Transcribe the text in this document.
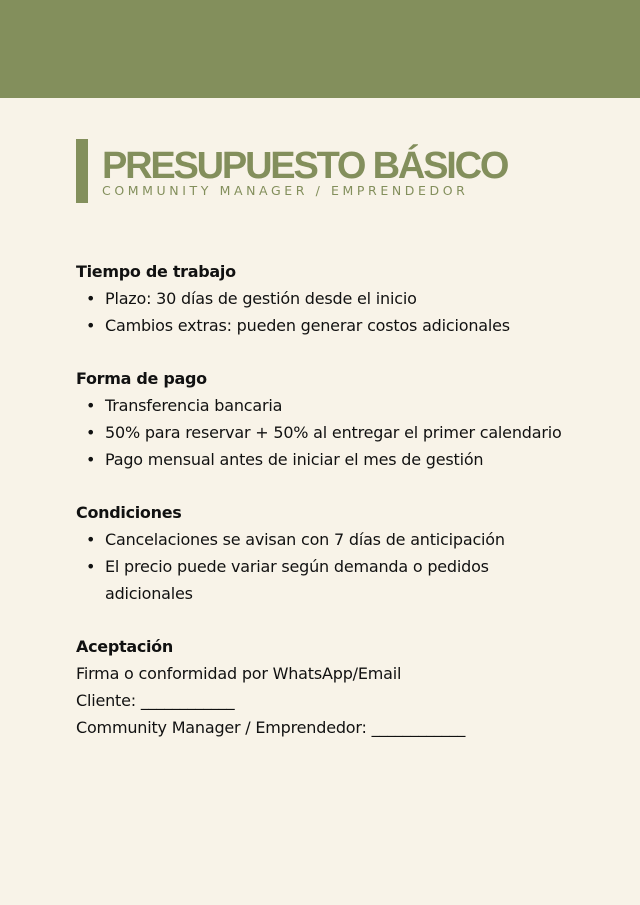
PRESUPUESTO BÁSICO
COMMUNITY MANAGER / EMPRENDEDOR
Tiempo de trabajo
• Plazo: 30 días de gestión desde el inicio
• Cambios extras: pueden generar costos adicionales
Forma de pago
• Transferencia bancaria
• 50% para reservar + 50% al entregar el primer calendario
• Pago mensual antes de iniciar el mes de gestión
Condiciones
• Cancelaciones se avisan con 7 días de anticipación
• El precio puede variar según demanda o pedidos adicionales
Aceptación
Firma o conformidad por WhatsApp/Email
Cliente: ____________
Community Manager / Emprendedor: ____________
